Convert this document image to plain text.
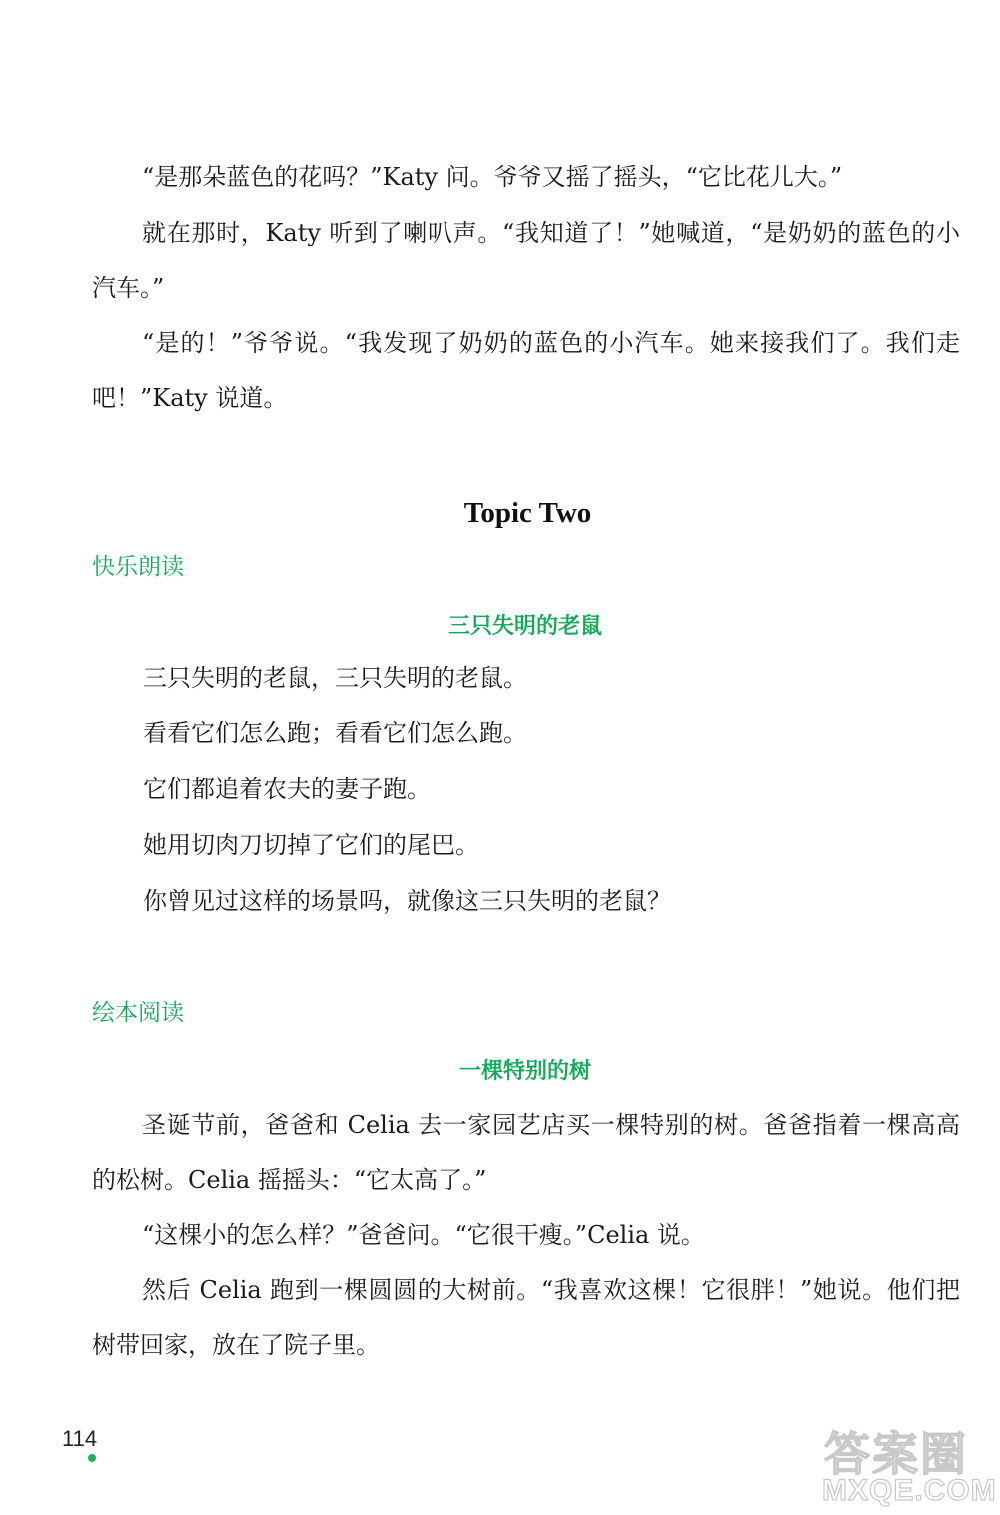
“是那朵蓝色的花吗？”Katy 问。爷爷又摇了摇头，“它比花儿大。”

就在那时，Katy 听到了喇叭声。“我知道了！”她喊道，“是奶奶的蓝色的小汽车。”

“是的！”爷爷说。“我发现了奶奶的蓝色的小汽车。她来接我们了。我们走吧！”Katy 说道。

Topic Two
快乐朗读
三只失明的老鼠
三只失明的老鼠，三只失明的老鼠。
看看它们怎么跑；看看它们怎么跑。
它们都追着农夫的妻子跑。
她用切肉刀切掉了它们的尾巴。
你曾见过这样的场景吗，就像这三只失明的老鼠？
绘本阅读
一棵特别的树

圣诞节前，爸爸和 Celia 去一家园艺店买一棵特别的树。爸爸指着一棵高高的松树。Celia 摇摇头：“它太高了。”

“这棵小的怎么样？”爸爸问。“它很干瘦。”Celia 说。

然后 Celia 跑到一棵圆圆的大树前。“我喜欢这棵！它很胖！”她说。他们把树带回家，放在了院子里。

114	答案圈
MXQE.COM
